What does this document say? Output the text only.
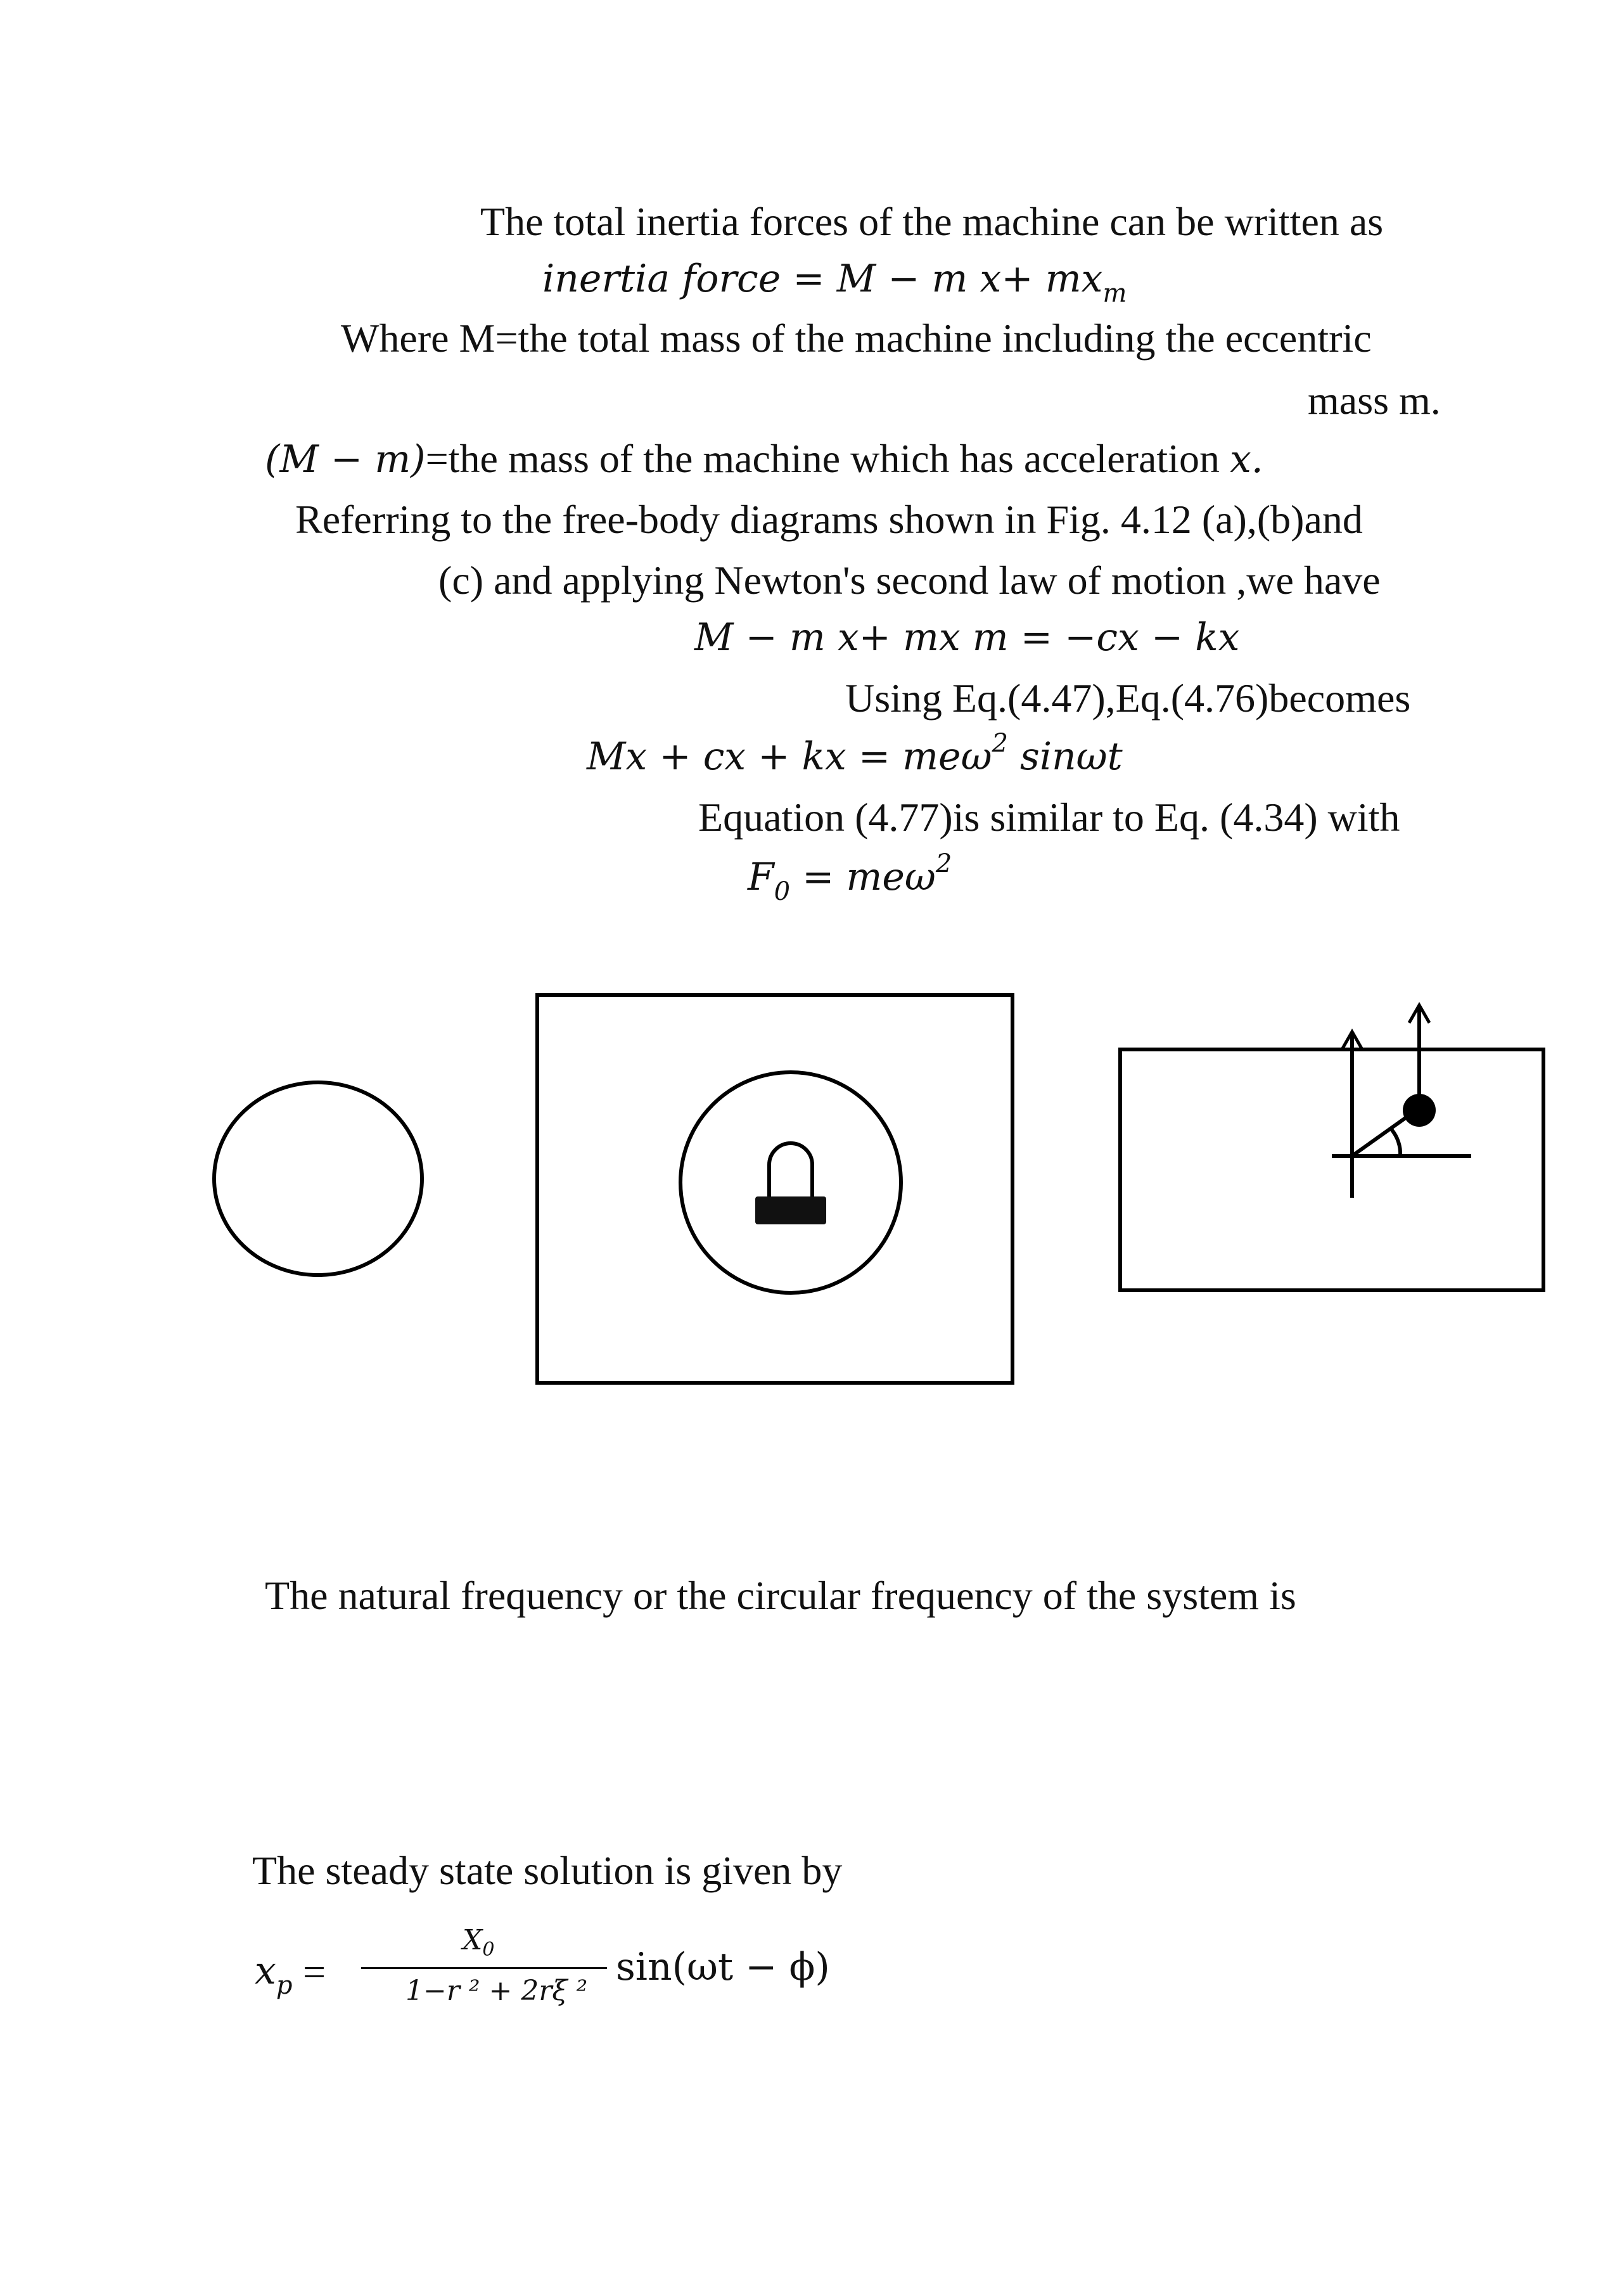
The total inertia forces of the machine can be written as
inertia force = M − m $x+ mx_m$
Where M=the total mass of the machine including the eccentric
mass m.
(M − m)=the mass of the machine which has acceleration x.
Referring to the free-body diagrams shown in Fig. 4.12 (a),(b)and
(c) and applying Newton's second law of motion ,we have
M − m x+ mx m = −cx − kx
Using Eq.(4.47),Eq.(4.76)becomes
Mx + cx + kx = meω$^2$ sinωt
Equation (4.77)is similar to Eq. (4.34) with
$F_0 = me\omega^2$
The natural frequency or the circular frequency of the system is
The steady state solution is given by
$x_p$ =
$X_0$
1−r ² + 2rξ ²
sin(ωt − ϕ)
